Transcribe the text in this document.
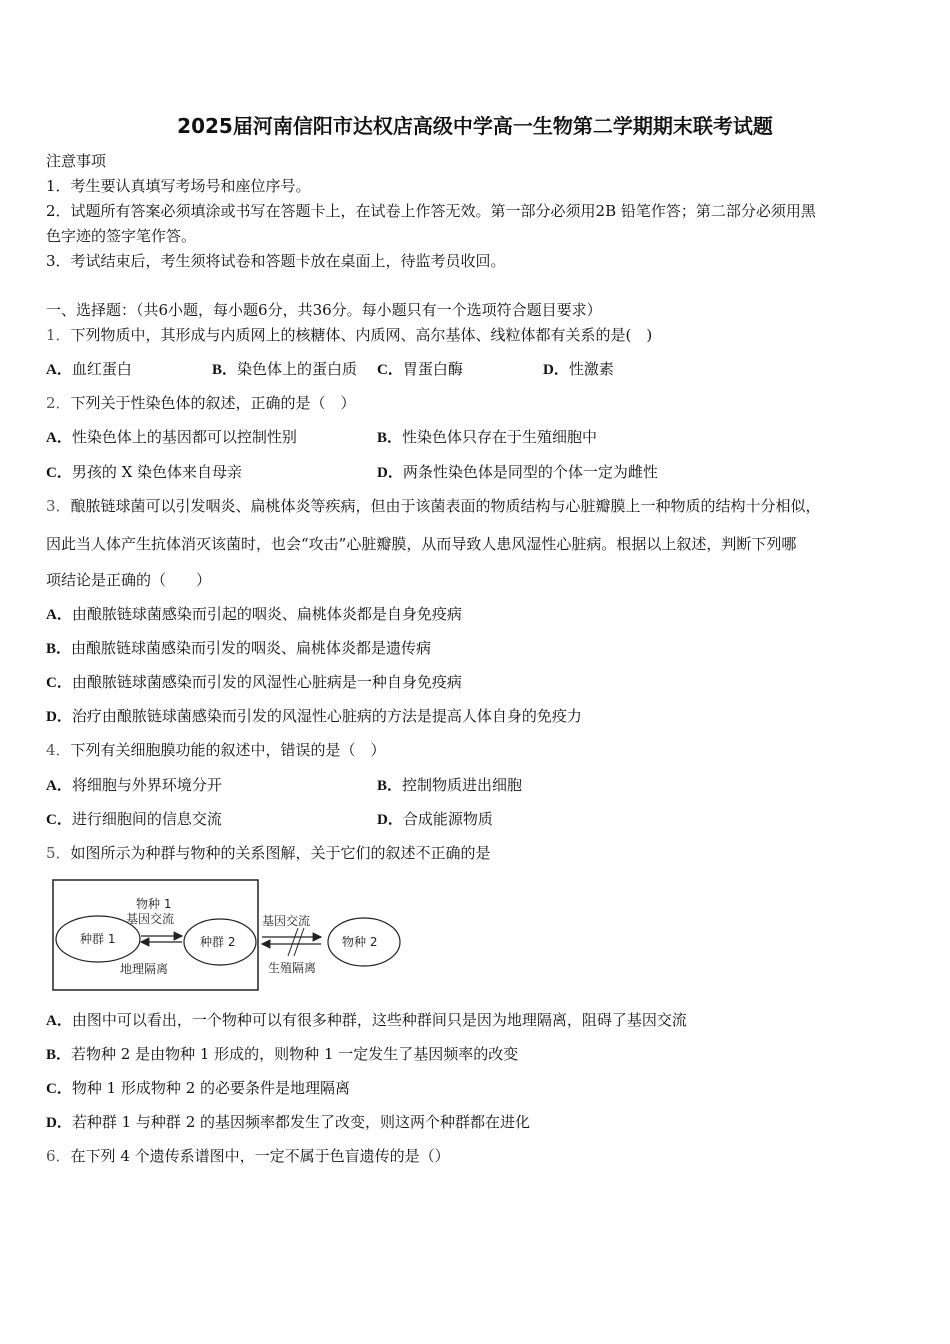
2025届河南信阳市达权店高级中学高一生物第二学期期末联考试题
注意事项
1．考生要认真填写考场号和座位序号。
2．试题所有答案必须填涂或书写在答题卡上，在试卷上作答无效。第一部分必须用2B 铅笔作答；第二部分必须用黑
色字迹的签字笔作答。
3．考试结束后，考生须将试卷和答题卡放在桌面上，待监考员收回。
一、选择题：（共6小题，每小题6分，共36分。每小题只有一个选项符合题目要求）
1．下列物质中，其形成与内质网上的核糖体、内质网、高尔基体、线粒体都有关系的是(　)
A．血红蛋白	B．染色体上的蛋白质 C．胃蛋白酶	D．性激素
2．下列关于性染色体的叙述，正确的是（　）
A．性染色体上的基因都可以控制性别	B．性染色体只存在于生殖细胞中
C．男孩的 X 染色体来自母亲	D．两条性染色体是同型的个体一定为雌性
3．酿脓链球菌可以引发咽炎、扁桃体炎等疾病，但由于该菌表面的物质结构与心脏瓣膜上一种物质的结构十分相似，
因此当人体产生抗体消灭该菌时，也会“攻击”心脏瓣膜，从而导致人患风湿性心脏病。根据以上叙述，判断下列哪
项结论是正确的（　　）
A．由酿脓链球菌感染而引起的咽炎、扁桃体炎都是自身免疫病
B．由酿脓链球菌感染而引发的咽炎、扁桃体炎都是遗传病
C．由酿脓链球菌感染而引发的风湿性心脏病是一种自身免疫病
D．治疗由酿脓链球菌感染而引发的风湿性心脏病的方法是提高人体自身的免疫力
4．下列有关细胞膜功能的叙述中，错误的是（　）
A．将细胞与外界环境分开	B．控制物质进出细胞
C．进行细胞间的信息交流	D．合成能源物质
5．如图所示为种群与物种的关系图解，关于它们的叙述不正确的是
物种 1
基因交流
种群 1	种群 2
地理隔离
基因交流
生殖隔离
物种 2
A．由图中可以看出，一个物种可以有很多种群，这些种群间只是因为地理隔离，阻碍了基因交流
B．若物种 2 是由物种 1 形成的，则物种 1 一定发生了基因频率的改变
C．物种 1 形成物种 2 的必要条件是地理隔离
D．若种群 1 与种群 2 的基因频率都发生了改变，则这两个种群都在进化
6．在下列 4 个遗传系谱图中，一定不属于色盲遗传的是（）
